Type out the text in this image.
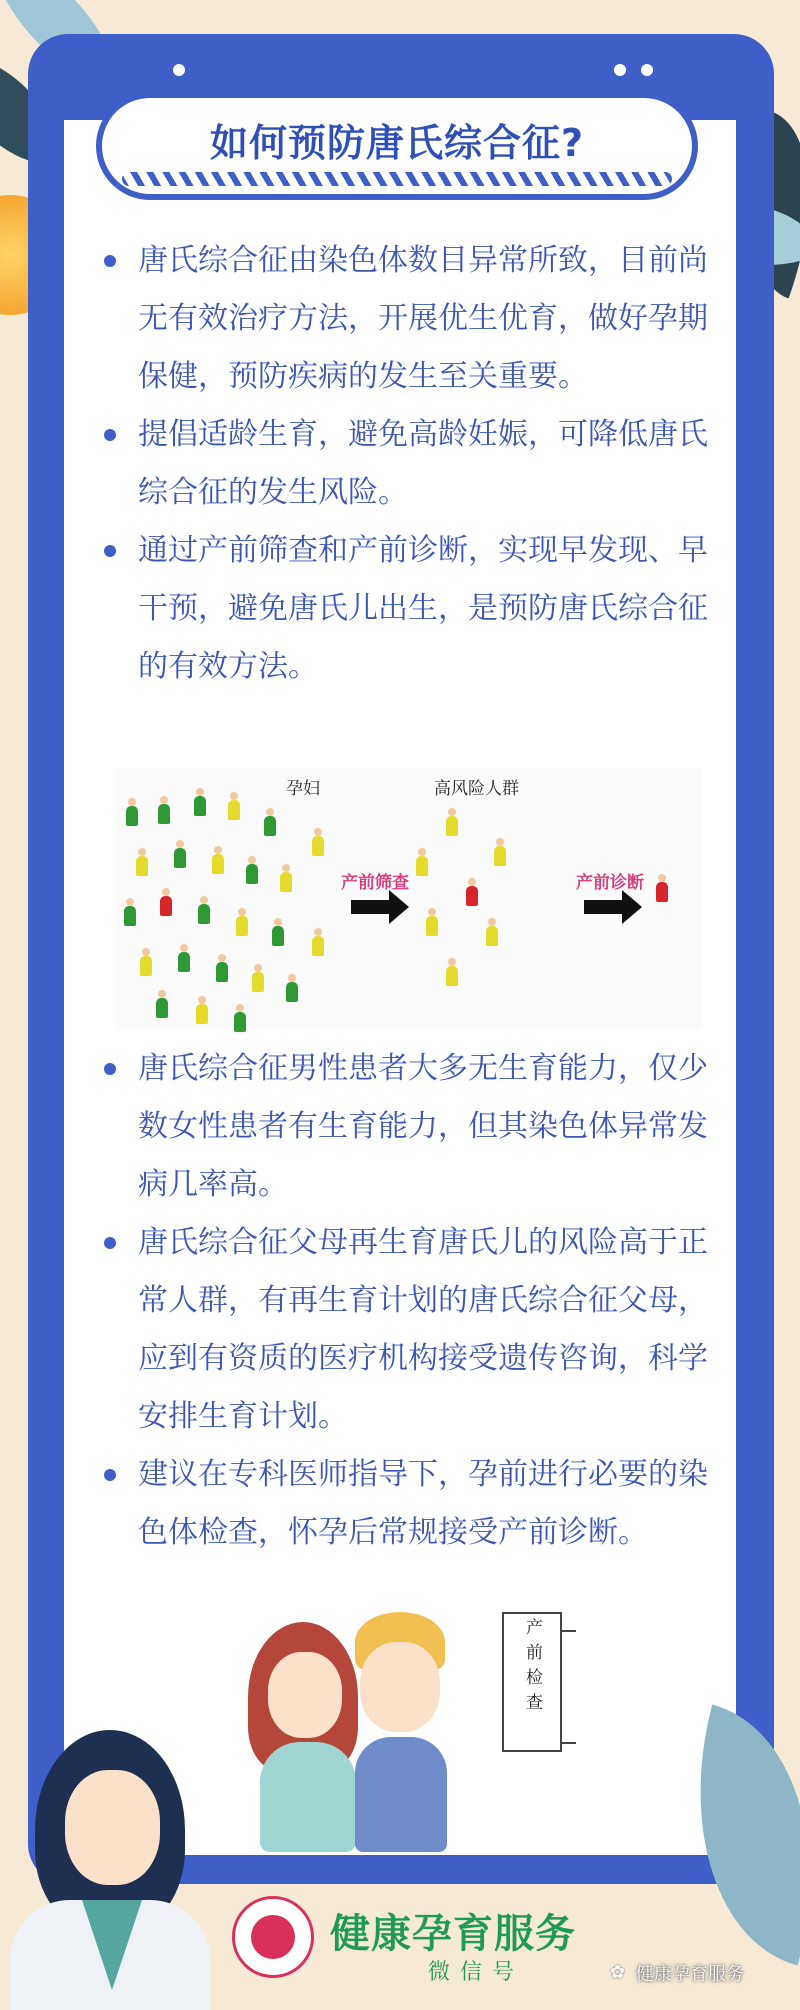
如何预防唐氏综合征?
唐氏综合征由染色体数目异常所致，目前尚无有效治疗方法，开展优生优育，做好孕期保健，预防疾病的发生至关重要。
提倡适龄生育，避免高龄妊娠，可降低唐氏综合征的发生风险。
通过产前筛查和产前诊断，实现早发现、早干预，避免唐氏儿出生，是预防唐氏综合征的有效方法。
孕妇	高风险人群
产前筛查	产前诊断
唐氏综合征男性患者大多无生育能力，仅少数女性患者有生育能力，但其染色体异常发病几率高。
唐氏综合征父母再生育唐氏儿的风险高于正常人群，有再生育计划的唐氏综合征父母，应到有资质的医疗机构接受遗传咨询，科学安排生育计划。
建议在专科医师指导下，孕前进行必要的染色体检查，怀孕后常规接受产前诊断。
产前检查
健康孕育服务
微信号	✿ 健康孕育服务
